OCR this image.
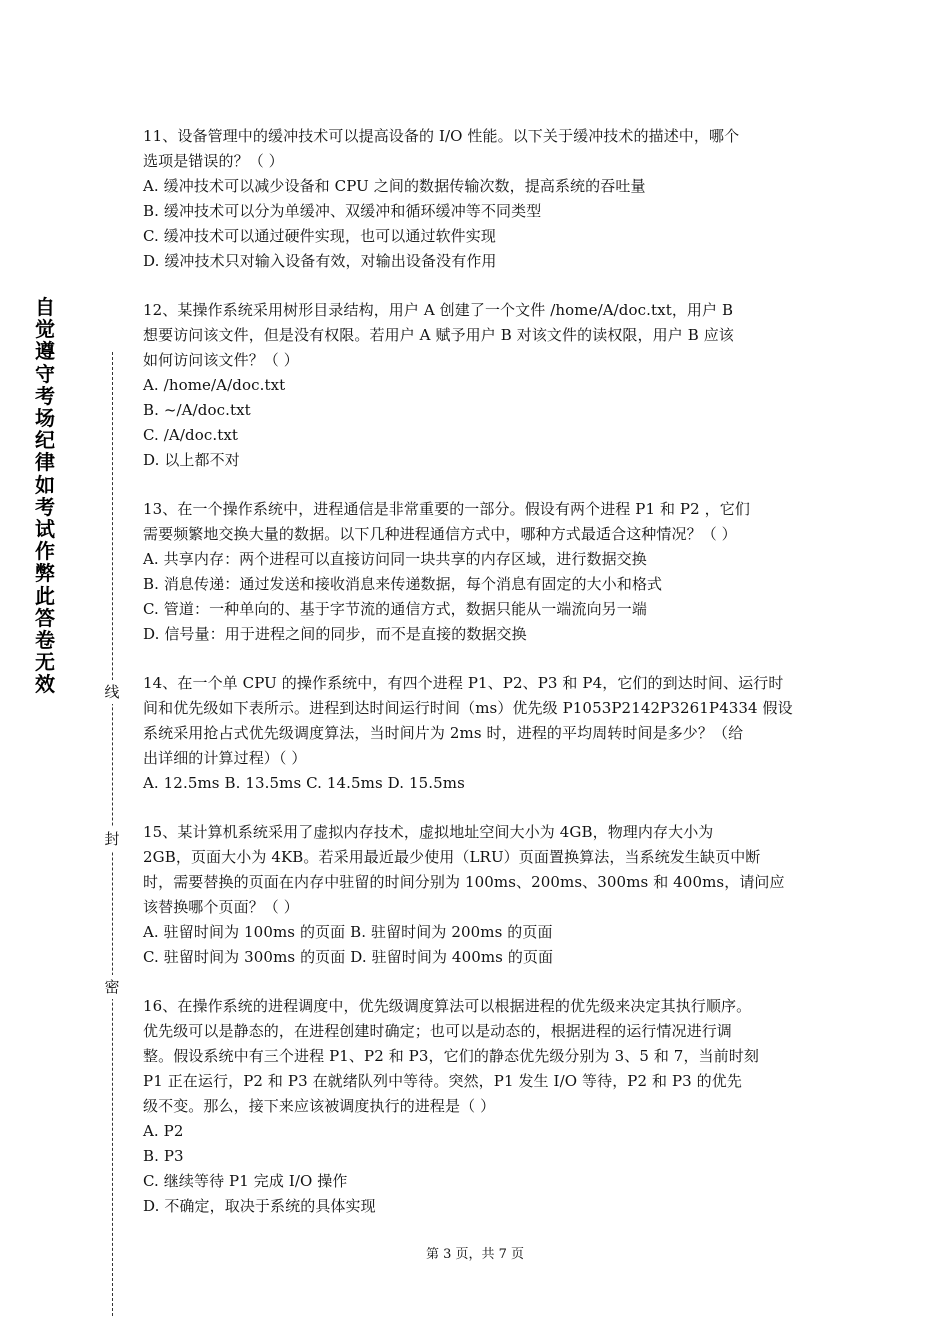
自觉遵守考场纪律如考试作弊此答卷无效	线
封
密
11、设备管理中的缓冲技术可以提高设备的 I/O 性能。以下关于缓冲技术的描述中，哪个
选项是错误的？（ ）
A. 缓冲技术可以减少设备和 CPU 之间的数据传输次数，提高系统的吞吐量
B. 缓冲技术可以分为单缓冲、双缓冲和循环缓冲等不同类型
C. 缓冲技术可以通过硬件实现，也可以通过软件实现
D. 缓冲技术只对输入设备有效，对输出设备没有作用
12、某操作系统采用树形目录结构，用户 A 创建了一个文件 /home/A/doc.txt，用户 B
想要访问该文件，但是没有权限。若用户 A 赋予用户 B 对该文件的读权限，用户 B 应该
如何访问该文件？（ ）
A. /home/A/doc.txt
B. ~/A/doc.txt
C. /A/doc.txt
D. 以上都不对
13、在一个操作系统中，进程通信是非常重要的一部分。假设有两个进程 P1 和 P2 ，它们
需要频繁地交换大量的数据。以下几种进程通信方式中，哪种方式最适合这种情况？（ ）
A. 共享内存：两个进程可以直接访问同一块共享的内存区域，进行数据交换
B. 消息传递：通过发送和接收消息来传递数据，每个消息有固定的大小和格式
C. 管道：一种单向的、基于字节流的通信方式，数据只能从一端流向另一端
D. 信号量：用于进程之间的同步，而不是直接的数据交换
14、在一个单 CPU 的操作系统中，有四个进程 P1、P2、P3 和 P4，它们的到达时间、运行时
间和优先级如下表所示。进程到达时间运行时间（ms）优先级 P1053P2142P3261P4334 假设
系统采用抢占式优先级调度算法，当时间片为 2ms 时，进程的平均周转时间是多少？（给
出详细的计算过程）（ ）
A. 12.5ms B. 13.5ms C. 14.5ms D. 15.5ms
15、某计算机系统采用了虚拟内存技术，虚拟地址空间大小为 4GB，物理内存大小为
2GB，页面大小为 4KB。若采用最近最少使用（LRU）页面置换算法，当系统发生缺页中断
时，需要替换的页面在内存中驻留的时间分别为 100ms、200ms、300ms 和 400ms，请问应
该替换哪个页面？（ ）
A. 驻留时间为 100ms 的页面 B. 驻留时间为 200ms 的页面
C. 驻留时间为 300ms 的页面 D. 驻留时间为 400ms 的页面
16、在操作系统的进程调度中，优先级调度算法可以根据进程的优先级来决定其执行顺序。
优先级可以是静态的，在进程创建时确定；也可以是动态的，根据进程的运行情况进行调
整。假设系统中有三个进程 P1、P2 和 P3，它们的静态优先级分别为 3、5 和 7，当前时刻
P1 正在运行，P2 和 P3 在就绪队列中等待。突然，P1 发生 I/O 等待，P2 和 P3 的优先
级不变。那么，接下来应该被调度执行的进程是（ ）
A. P2
B. P3
C. 继续等待 P1 完成 I/O 操作
D. 不确定，取决于系统的具体实现
第 3 页，共 7 页
